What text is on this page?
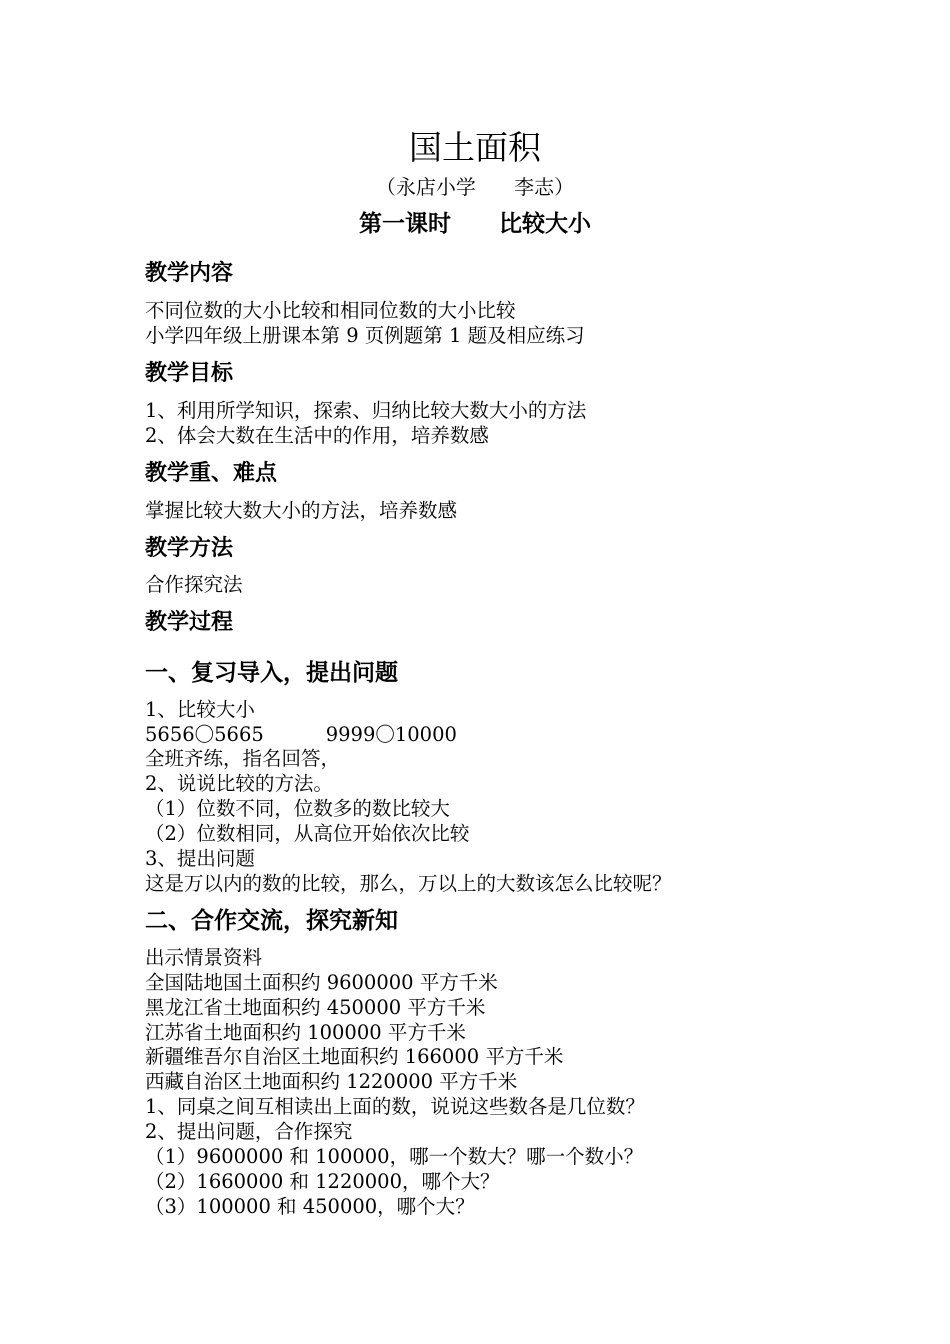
国土面积
（永店小学      李志）
第一课时      比较大小
教学内容

不同位数的大小比较和相同位数的大小比较

小学四年级上册课本第 9 页例题第 1 题及相应练习

教学目标

1、利用所学知识，探索、归纳比较大数大小的方法

2、体会大数在生活中的作用，培养数感

教学重、难点

掌握比较大数大小的方法，培养数感

教学方法

合作探究法

教学过程
一、复习导入，提出问题

1、比较大小

5656〇5665          9999〇10000

全班齐练，指名回答，

2、说说比较的方法。

（1）位数不同，位数多的数比较大

（2）位数相同，从高位开始依次比较

3、提出问题

这是万以内的数的比较，那么，万以上的大数该怎么比较呢？

二、合作交流，探究新知

出示情景资料

全国陆地国土面积约 9600000 平方千米

黑龙江省土地面积约 450000 平方千米

江苏省土地面积约 100000 平方千米

新疆维吾尔自治区土地面积约 166000 平方千米

西藏自治区土地面积约 1220000 平方千米

1、同桌之间互相读出上面的数，说说这些数各是几位数？

2、提出问题，合作探究

（1）9600000 和 100000，哪一个数大？哪一个数小？

（2）1660000 和 1220000，哪个大？

（3）100000 和 450000，哪个大？
